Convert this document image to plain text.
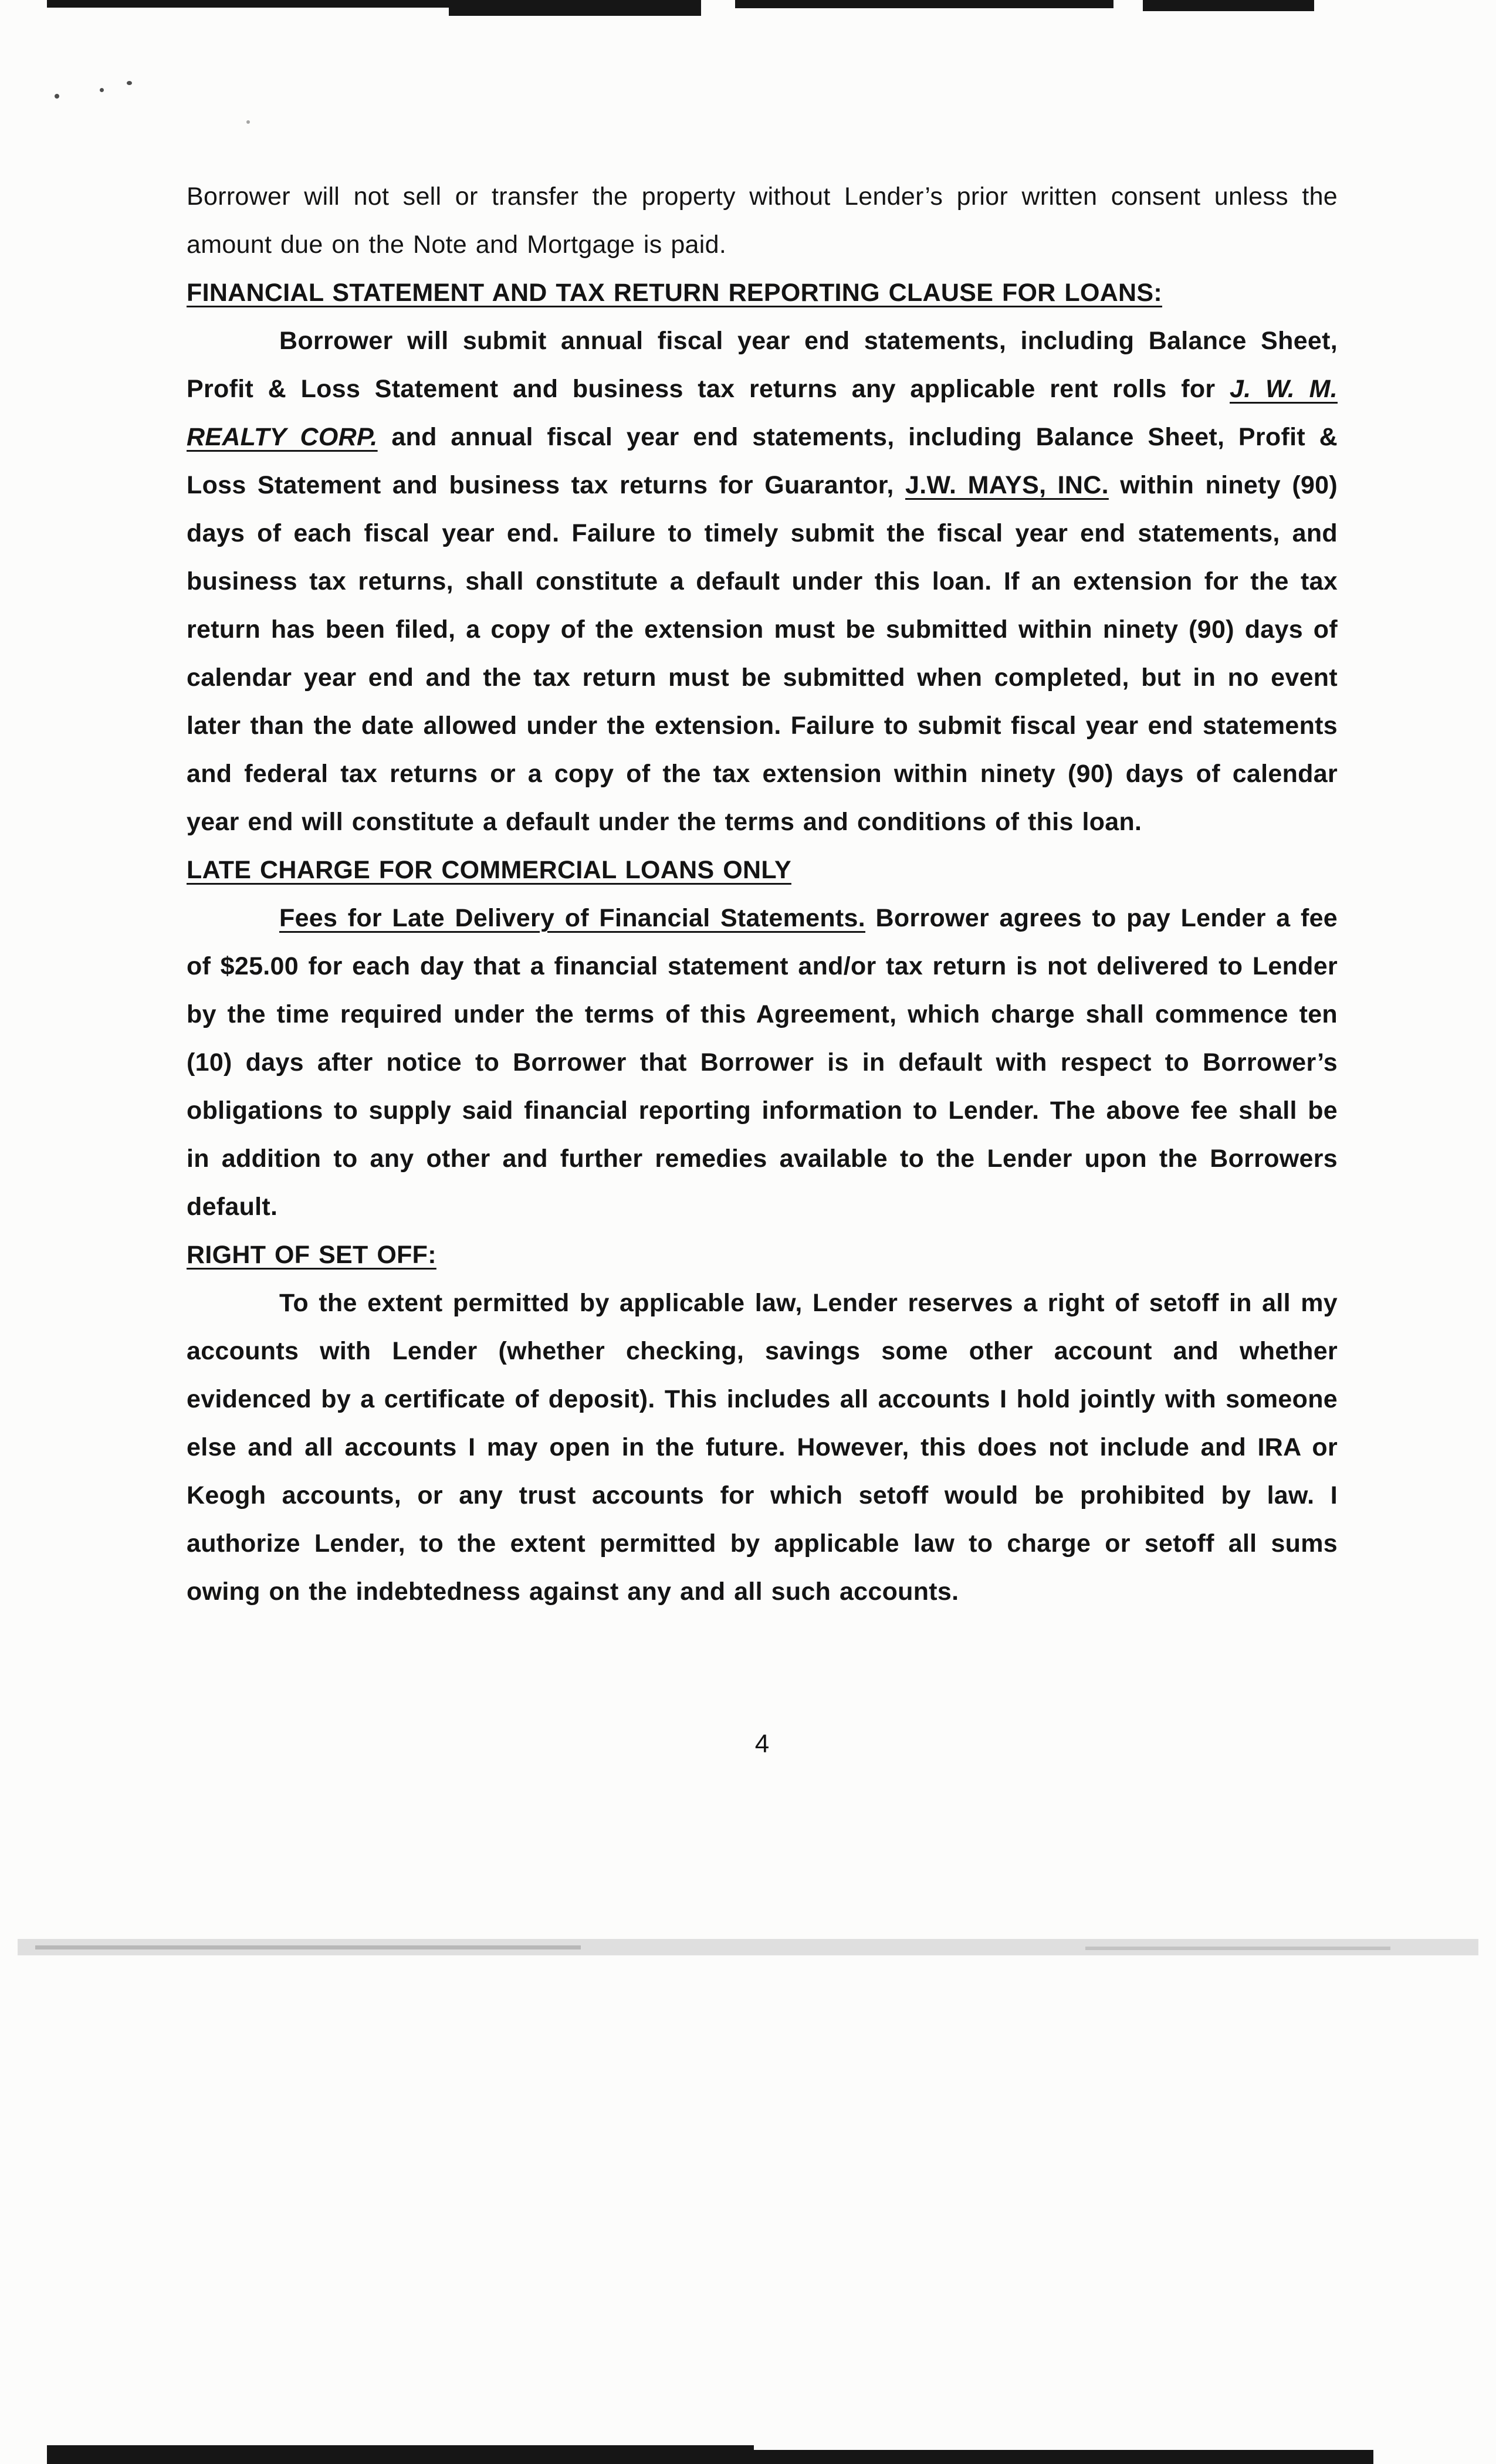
Borrower will not sell or transfer the property without Lender’s prior written consent unless the amount due on the Note and Mortgage is paid.

FINANCIAL STATEMENT AND TAX RETURN REPORTING CLAUSE FOR LOANS:

Borrower will submit annual fiscal year end statements, including Balance Sheet, Profit & Loss Statement and business tax returns any applicable rent rolls for J. W. M. REALTY CORP. and annual fiscal year end statements, including Balance Sheet, Profit & Loss Statement and business tax returns for Guarantor, J.W. MAYS, INC. within ninety (90) days of each fiscal year end. Failure to timely submit the fiscal year end statements, and business tax returns, shall constitute a default under this loan. If an extension for the tax return has been filed, a copy of the extension must be submitted within ninety (90) days of calendar year end and the tax return must be submitted when completed, but in no event later than the date allowed under the extension. Failure to submit fiscal year end statements and federal tax returns or a copy of the tax extension within ninety (90) days of calendar year end will constitute a default under the terms and conditions of this loan.

LATE CHARGE FOR COMMERCIAL LOANS ONLY

Fees for Late Delivery of Financial Statements. Borrower agrees to pay Lender a fee of $25.00 for each day that a financial statement and/or tax return is not delivered to Lender by the time required under the terms of this Agreement, which charge shall commence ten (10) days after notice to Borrower that Borrower is in default with respect to Borrower’s obligations to supply said financial reporting information to Lender. The above fee shall be in addition to any other and further remedies available to the Lender upon the Borrowers default.

RIGHT OF SET OFF:

To the extent permitted by applicable law, Lender reserves a right of setoff in all my accounts with Lender (whether checking, savings some other account and whether evidenced by a certificate of deposit). This includes all accounts I hold jointly with someone else and all accounts I may open in the future. However, this does not include and IRA or Keogh accounts, or any trust accounts for which setoff would be prohibited by law. I authorize Lender, to the extent permitted by applicable law to charge or setoff all sums owing on the indebtedness against any and all such accounts.

4
